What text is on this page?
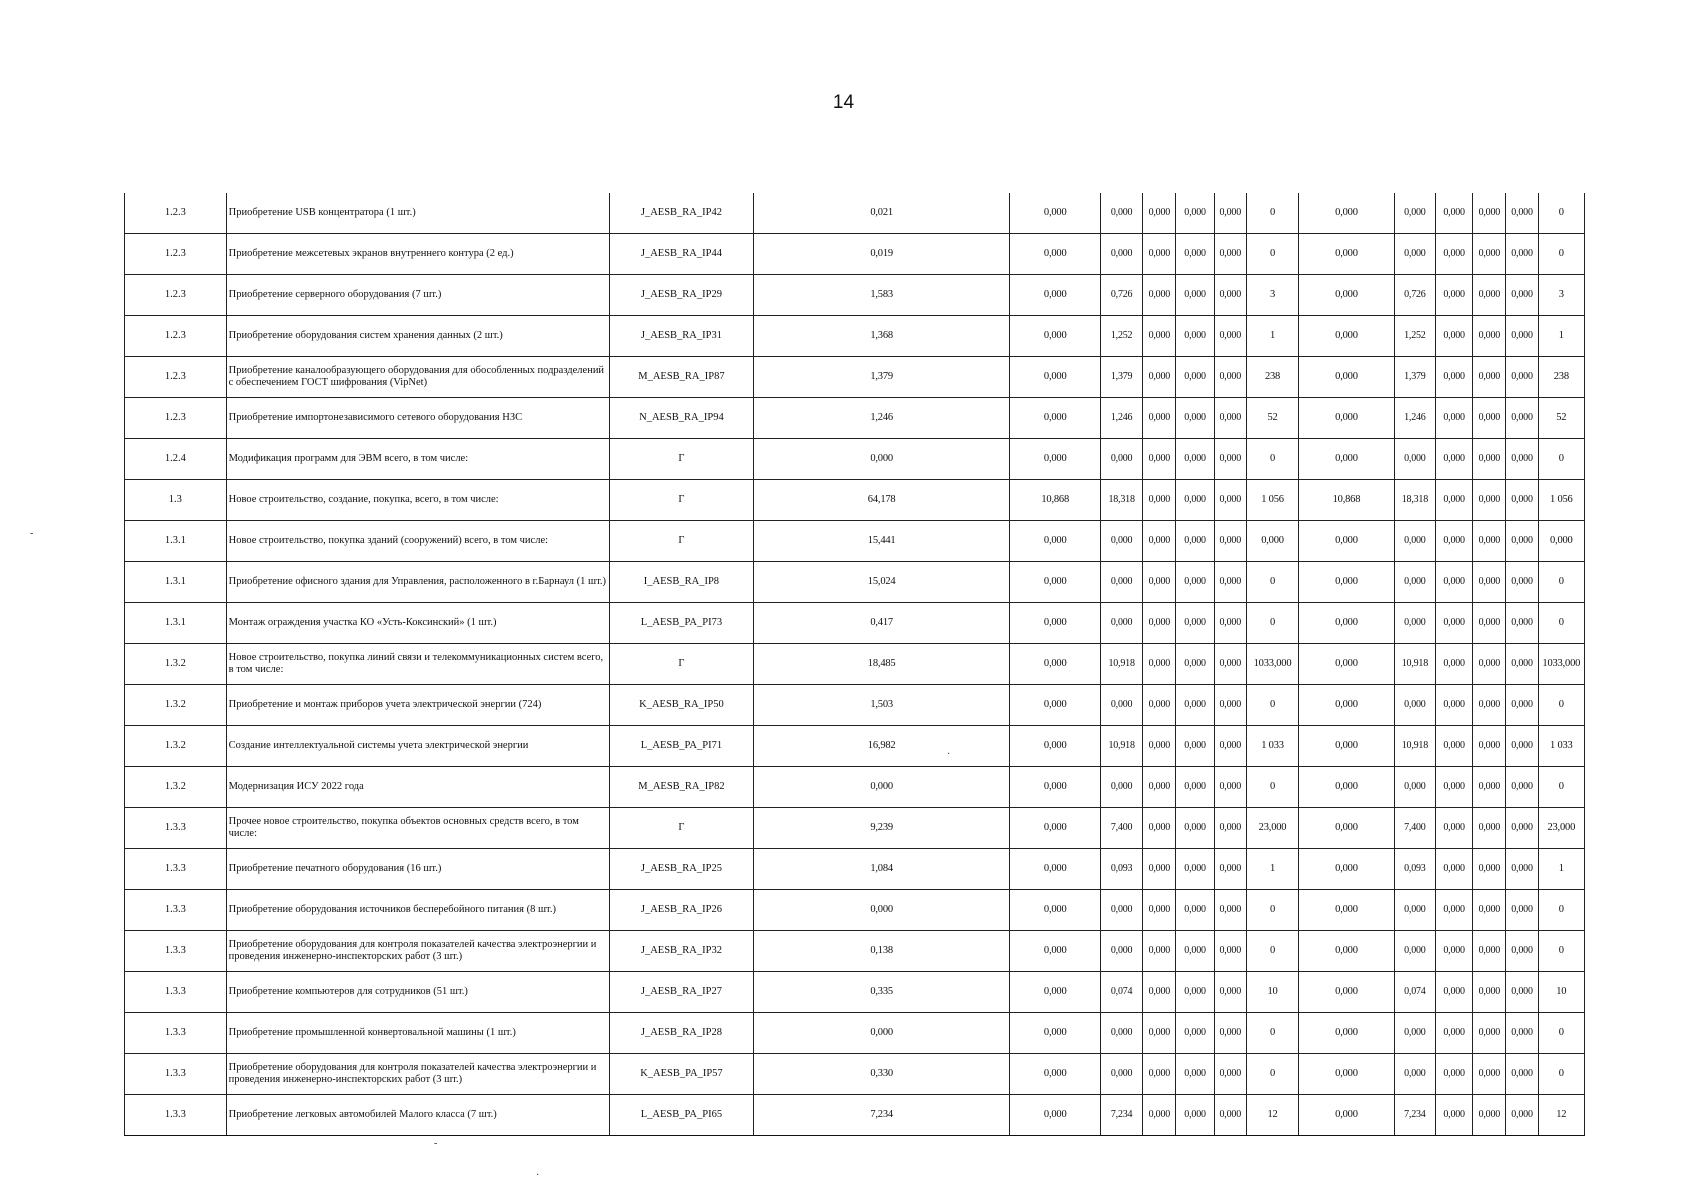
14
1.2.3	Приобретение USB концентратора (1 шт.)	J_AESB_RA_IP42	0,021	0,000	0,000	0,000	0,000	0,000	0	0,000	0,000	0,000	0,000	0,000	0
1.2.3	Приобретение межсетевых экранов внутреннего контура (2 ед.)	J_AESB_RA_IP44	0,019	0,000	0,000	0,000	0,000	0,000	0	0,000	0,000	0,000	0,000	0,000	0
1.2.3	Приобретение серверного оборудования (7 шт.)	J_AESB_RA_IP29	1,583	0,000	0,726	0,000	0,000	0,000	3	0,000	0,726	0,000	0,000	0,000	3
1.2.3	Приобретение оборудования систем хранения данных (2 шт.)	J_AESB_RA_IP31	1,368	0,000	1,252	0,000	0,000	0,000	1	0,000	1,252	0,000	0,000	0,000	1
1.2.3	Приобретение каналообразующего оборудования для обособленных подразделений с обеспечением ГОСТ шифрования (VipNet)	M_AESB_RA_IP87	1,379	0,000	1,379	0,000	0,000	0,000	238	0,000	1,379	0,000	0,000	0,000	238
1.2.3	Приобретение импортонезависимого сетевого оборудования НЗС	N_AESB_RA_IP94	1,246	0,000	1,246	0,000	0,000	0,000	52	0,000	1,246	0,000	0,000	0,000	52
1.2.4	Модификация программ для ЭВМ всего, в том числе:	Г	0,000	0,000	0,000	0,000	0,000	0,000	0	0,000	0,000	0,000	0,000	0,000	0
1.3	Новое строительство, создание, покупка, всего, в том числе:	Г	64,178	10,868	18,318	0,000	0,000	0,000	1 056	10,868	18,318	0,000	0,000	0,000	1 056
1.3.1	Новое строительство, покупка зданий (сооружений) всего, в том числе:	Г	15,441	0,000	0,000	0,000	0,000	0,000	0,000	0,000	0,000	0,000	0,000	0,000	0,000
1.3.1	Приобретение офисного здания для Управления, расположенного в г.Барнаул (1 шт.)	I_AESB_RA_IP8	15,024	0,000	0,000	0,000	0,000	0,000	0	0,000	0,000	0,000	0,000	0,000	0
1.3.1	Монтаж ограждения участка КО «Усть-Коксинский» (1 шт.)	L_AESB_PA_PI73	0,417	0,000	0,000	0,000	0,000	0,000	0	0,000	0,000	0,000	0,000	0,000	0
1.3.2	Новое строительство, покупка линий связи и телекоммуникационных систем всего, в том числе:	Г	18,485	0,000	10,918	0,000	0,000	0,000	1033,000	0,000	10,918	0,000	0,000	0,000	1033,000
1.3.2	Приобретение и монтаж приборов учета электрической энергии (724)	K_AESB_RA_IP50	1,503	0,000	0,000	0,000	0,000	0,000	0	0,000	0,000	0,000	0,000	0,000	0
1.3.2	Создание интеллектуальной системы учета электрической энергии	L_AESB_PA_PI71	16,982	0,000	10,918	0,000	0,000	0,000	1 033	0,000	10,918	0,000	0,000	0,000	1 033
1.3.2	Модернизация ИСУ 2022 года	M_AESB_RA_IP82	0,000	0,000	0,000	0,000	0,000	0,000	0	0,000	0,000	0,000	0,000	0,000	0
1.3.3	Прочее новое строительство, покупка объектов основных средств всего, в том числе:	Г	9,239	0,000	7,400	0,000	0,000	0,000	23,000	0,000	7,400	0,000	0,000	0,000	23,000
1.3.3	Приобретение печатного оборудования (16 шт.)	J_AESB_RA_IP25	1,084	0,000	0,093	0,000	0,000	0,000	1	0,000	0,093	0,000	0,000	0,000	1
1.3.3	Приобретение оборудования источников бесперебойного питания (8 шт.)	J_AESB_RA_IP26	0,000	0,000	0,000	0,000	0,000	0,000	0	0,000	0,000	0,000	0,000	0,000	0
1.3.3	Приобретение оборудования для контроля показателей качества электроэнергии и проведения инженерно-инспекторских работ (3 шт.)	J_AESB_RA_IP32	0,138	0,000	0,000	0,000	0,000	0,000	0	0,000	0,000	0,000	0,000	0,000	0
1.3.3	Приобретение компьютеров для сотрудников (51 шт.)	J_AESB_RA_IP27	0,335	0,000	0,074	0,000	0,000	0,000	10	0,000	0,074	0,000	0,000	0,000	10
1.3.3	Приобретение промышленной конвертовальной машины (1 шт.)	J_AESB_RA_IP28	0,000	0,000	0,000	0,000	0,000	0,000	0	0,000	0,000	0,000	0,000	0,000	0
1.3.3	Приобретение оборудования для контроля показателей качества электроэнергии и проведения инженерно-инспекторских работ (3 шт.)	K_AESB_PA_IP57	0,330	0,000	0,000	0,000	0,000	0,000	0	0,000	0,000	0,000	0,000	0,000	0
1.3.3	Приобретение легковых автомобилей Малого класса (7 шт.)	L_AESB_PA_PI65	7,234	0,000	7,234	0,000	0,000	0,000	12	0,000	7,234	0,000	0,000	0,000	12
·
-
-
·
